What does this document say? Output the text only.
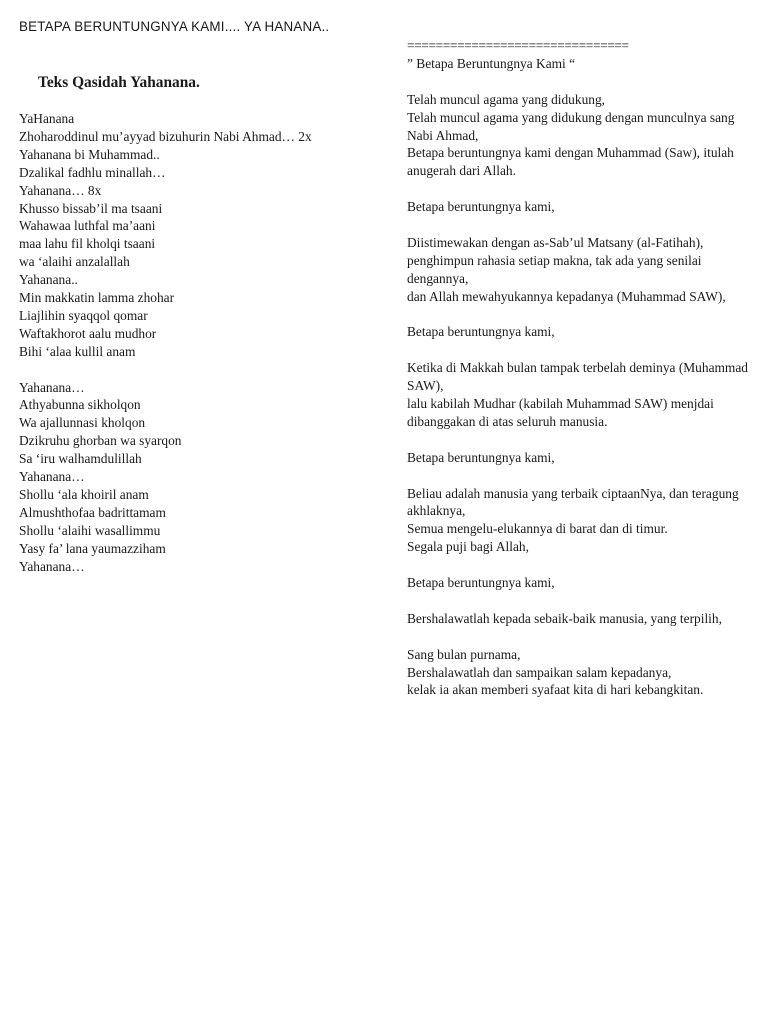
BETAPA BERUNTUNGNYA KAMI.... YA HANANA..
Teks Qasidah Yahanana.

YaHanana
Zhoharoddinul mu’ayyad bizuhurin Nabi Ahmad… 2x
Yahanana bi Muhammad..
Dzalikal fadhlu minallah…
Yahanana… 8x
Khusso bissab’il ma tsaani
Wahawaa luthfal ma’aani
maa lahu fil kholqi tsaani
wa ‘alaihi anzalallah
Yahanana..
Min makkatin lamma zhohar
Liajlihin syaqqol qomar
Waftakhorot aalu mudhor
Bihi ‘alaa kullil anam

Yahanana…
Athyabunna sikholqon
Wa ajallunnasi kholqon
Dzikruhu ghorban wa syarqon
Sa ‘iru walhamdulillah
Yahanana…
Shollu ‘ala khoiril anam
Almushthofaa badrittamam
Shollu ‘alaihi wasallimmu
Yasy fa’ lana yaumazziham
Yahanana…

===============================

” Betapa Beruntungnya Kami “

Telah muncul agama yang didukung,
Telah muncul agama yang didukung dengan munculnya sang Nabi Ahmad,
Betapa beruntungnya kami dengan Muhammad (Saw), itulah anugerah dari Allah.

Betapa beruntungnya kami,

Diistimewakan dengan as-Sab’ul Matsany (al-Fatihah), penghimpun rahasia setiap makna, tak ada yang senilai dengannya,
dan Allah mewahyukannya kepadanya (Muhammad SAW),

Betapa beruntungnya kami,

Ketika di Makkah bulan tampak terbelah deminya (Muhammad SAW),
lalu kabilah Mudhar (kabilah Muhammad SAW) menjdai dibanggakan di atas seluruh manusia.

Betapa beruntungnya kami,

Beliau adalah manusia yang terbaik ciptaanNya, dan teragung akhlaknya,
Semua mengelu-elukannya di barat dan di timur.
Segala puji bagi Allah,

Betapa beruntungnya kami,

Bershalawatlah kepada sebaik-baik manusia, yang terpilih,

Sang bulan purnama,
Bershalawatlah dan sampaikan salam kepadanya,
kelak ia akan memberi syafaat kita di hari kebangkitan.
